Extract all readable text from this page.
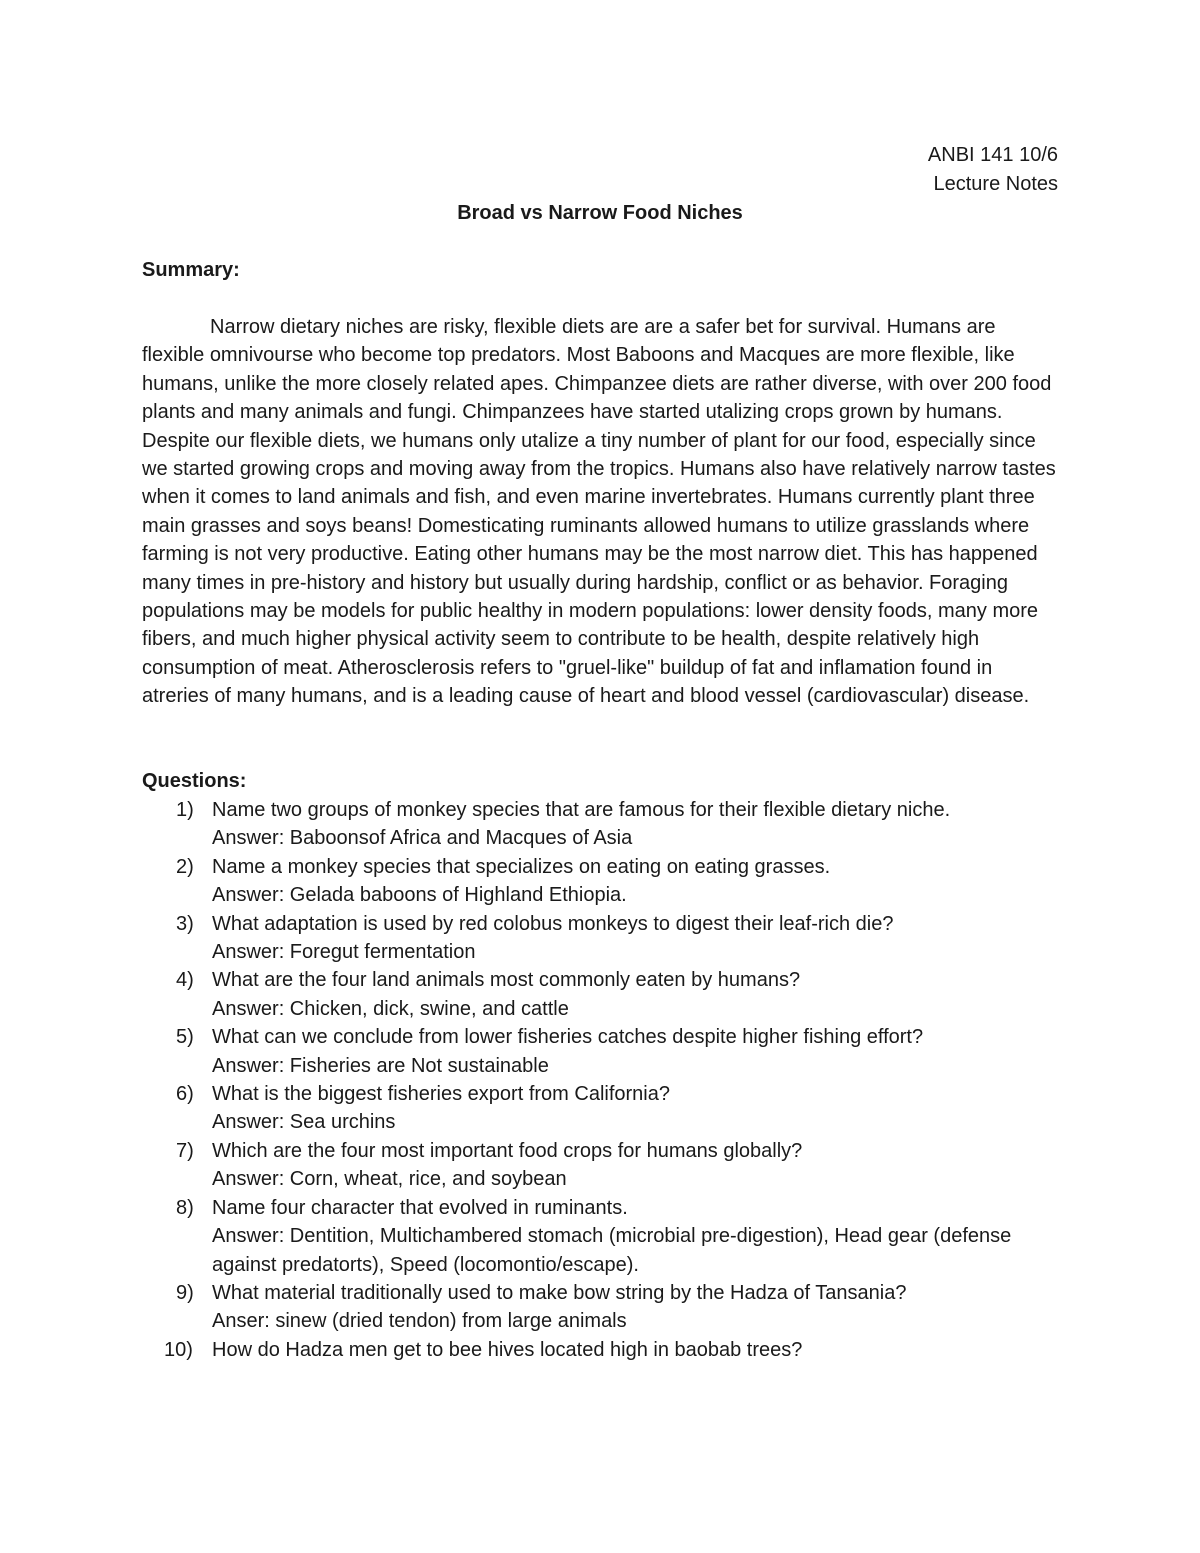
ANBI 141 10/6
Lecture Notes
Broad vs Narrow Food Niches
Summary:

Narrow dietary niches are risky, flexible diets are are a safer bet for survival. Humans are flexible omnivourse who become top predators. Most Baboons and Macques are more flexible, like humans, unlike the more closely related apes. Chimpanzee diets are rather diverse, with over 200 food plants and many animals and fungi. Chimpanzees have started utalizing crops grown by humans. Despite our flexible diets, we humans only utalize a tiny number of plant for our food, especially since we started growing crops and moving away from the tropics. Humans also have relatively narrow tastes when it comes to land animals and fish, and even marine invertebrates. Humans currently plant three main grasses and soys beans! Domesticating ruminants allowed humans to utilize grasslands where farming is not very productive. Eating other humans may be the most narrow diet. This has happened many times in pre-history and history but usually during hardship, conflict or as behavior. Foraging populations may be models for public healthy in modern populations: lower density foods, many more fibers, and much higher physical activity seem to contribute to be health, despite relatively high consumption of meat. Atherosclerosis refers to "gruel-like" buildup of fat and inflamation found in atreries of many humans, and is a leading cause of heart and blood vessel (cardiovascular) disease.

Questions:
1) Name two groups of monkey species that are famous for their flexible dietary niche.
Answer: Baboonsof Africa and Macques of Asia
2) Name a monkey species that specializes on eating on eating grasses.
Answer: Gelada baboons of Highland Ethiopia.
3) What adaptation is used by red colobus monkeys to digest their leaf-rich die?
Answer: Foregut fermentation
4) What are the four land animals most commonly eaten by humans?
Answer: Chicken, dick, swine, and cattle
5) What can we conclude from lower fisheries catches despite higher fishing effort?
Answer: Fisheries are Not sustainable
6) What is the biggest fisheries export from California?
Answer: Sea urchins
7) Which are the four most important food crops for humans globally?
Answer: Corn, wheat, rice, and soybean
8) Name four character that evolved in ruminants.
Answer: Dentition, Multichambered stomach (microbial pre-digestion), Head gear (defense against predatorts), Speed (locomontio/escape).
9) What material traditionally used to make bow string by the Hadza of Tansania?
Anser: sinew (dried tendon) from large animals
10) How do Hadza men get to bee hives located high in baobab trees?
